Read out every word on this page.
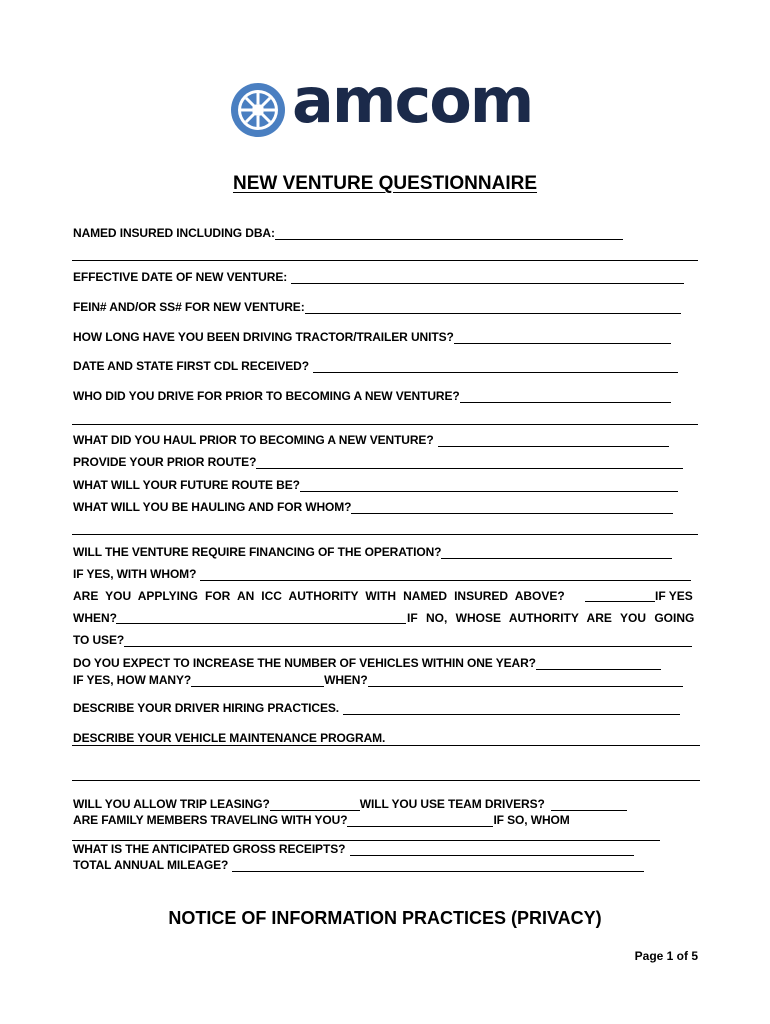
amcom
NEW VENTURE QUESTIONNAIRE
NAMED INSURED INCLUDING DBA:
EFFECTIVE DATE OF NEW VENTURE:
FEIN# AND/OR SS# FOR NEW VENTURE:
HOW LONG HAVE YOU BEEN DRIVING TRACTOR/TRAILER UNITS?
DATE AND STATE FIRST CDL RECEIVED?
WHO DID YOU DRIVE FOR PRIOR TO BECOMING A NEW VENTURE?
WHAT DID YOU HAUL PRIOR TO BECOMING A NEW VENTURE?
PROVIDE YOUR PRIOR ROUTE?
WHAT WILL YOUR FUTURE ROUTE BE?
WHAT WILL YOU BE HAULING AND FOR WHOM?
WILL THE VENTURE REQUIRE FINANCING OF THE OPERATION?
IF YES, WITH WHOM?
ARE YOU APPLYING FOR AN ICC AUTHORITY WITH NAMED INSURED ABOVE?	IF YES
WHEN?	IF NO, WHOSE AUTHORITY ARE YOU GOING
TO USE?
DO YOU EXPECT TO INCREASE THE NUMBER OF VEHICLES WITHIN ONE YEAR?
IF YES, HOW MANY?	WHEN?
DESCRIBE YOUR DRIVER HIRING PRACTICES.
DESCRIBE YOUR VEHICLE MAINTENANCE PROGRAM.
WILL YOU ALLOW TRIP LEASING?	WILL YOU USE TEAM DRIVERS?
ARE FAMILY MEMBERS TRAVELING WITH YOU?	IF SO, WHOM
WHAT IS THE ANTICIPATED GROSS RECEIPTS?
TOTAL ANNUAL MILEAGE?
NOTICE OF INFORMATION PRACTICES (PRIVACY)
Page 1 of 5
